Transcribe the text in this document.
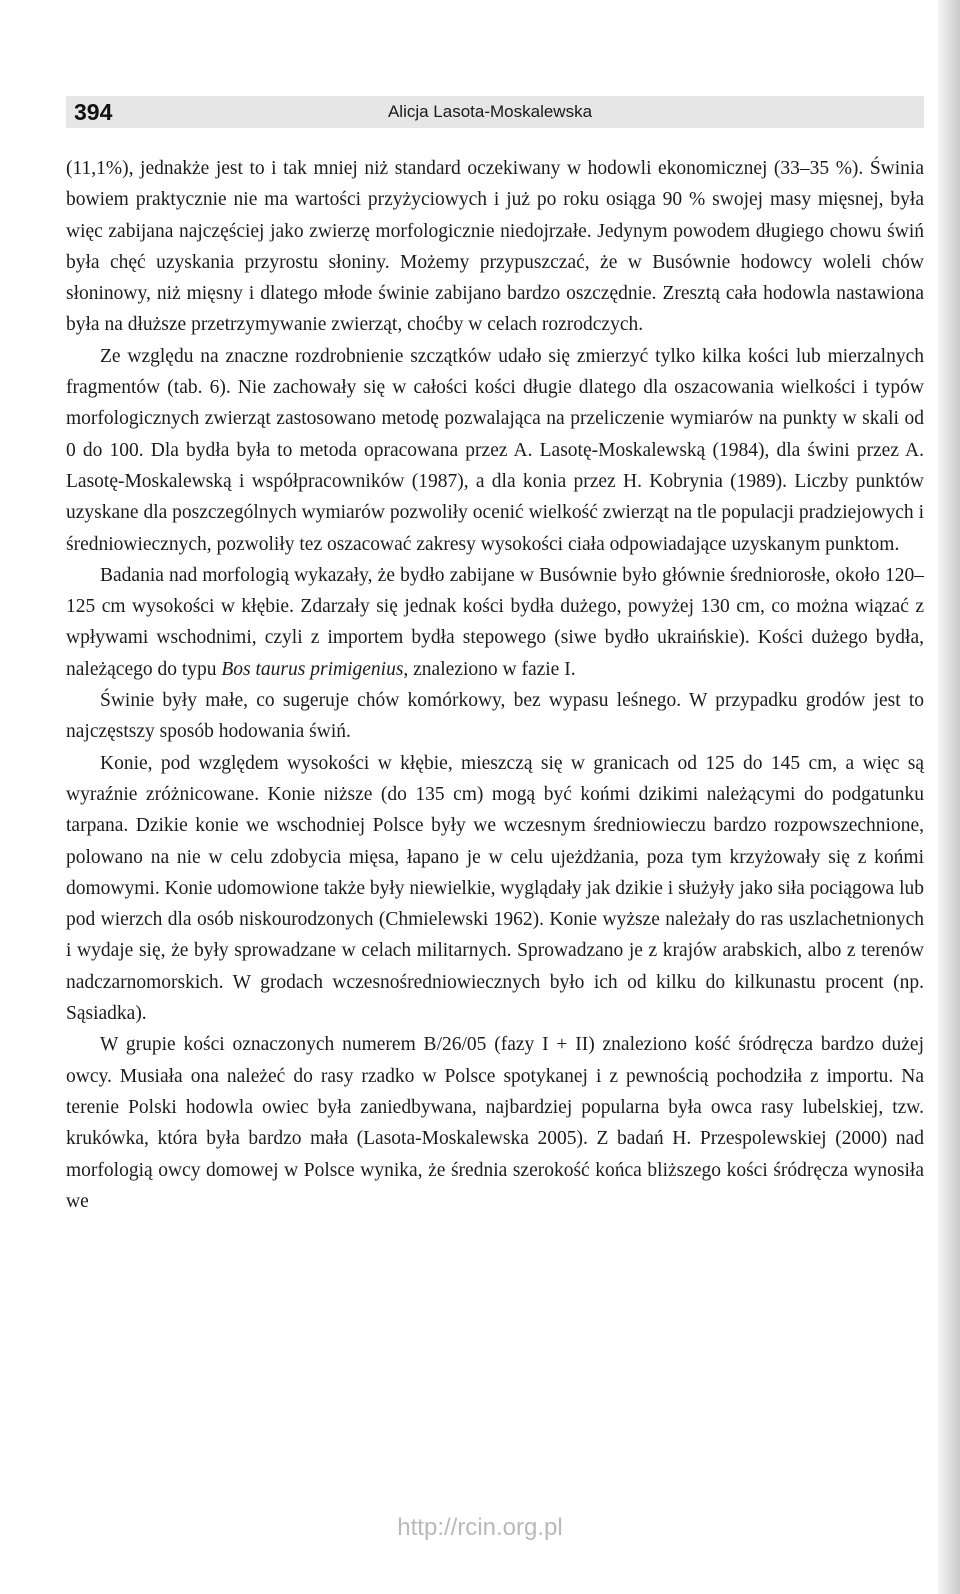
394	Alicja Lasota-Moskalewska

(11,1%), jednakże jest to i tak mniej niż standard oczekiwany w hodowli ekonomicznej (33–35 %). Świnia bowiem praktycznie nie ma wartości przyżyciowych i już po roku osiąga 90 % swojej masy mięsnej, była więc zabijana najczęściej jako zwierzę morfologicznie niedojrzałe. Jedynym powodem długiego chowu świń była chęć uzyskania przyrostu słoniny. Możemy przypuszczać, że w Busównie hodowcy woleli chów słoninowy, niż mięsny i dlatego młode świnie zabijano bardzo oszczędnie. Zresztą cała hodowla nastawiona była na dłuższe przetrzymywanie zwierząt, choćby w celach rozrodczych.

Ze względu na znaczne rozdrobnienie szczątków udało się zmierzyć tylko kilka kości lub mierzalnych fragmentów (tab. 6). Nie zachowały się w całości kości długie dlatego dla oszacowania wielkości i typów morfologicznych zwierząt zastosowano metodę pozwalająca na przeliczenie wymiarów na punkty w skali od 0 do 100. Dla bydła była to metoda opracowana przez A. Lasotę-Moskalewską (1984), dla świni przez A. Lasotę-Moskalewską i współpracowników (1987), a dla konia przez H. Kobrynia (1989). Liczby punktów uzyskane dla poszczególnych wymiarów pozwoliły ocenić wielkość zwierząt na tle populacji pradziejowych i średniowiecznych, pozwoliły tez oszacować zakresy wysokości ciała odpowiadające uzyskanym punktom.

Badania nad morfologią wykazały, że bydło zabijane w Busównie było głównie średniorosłe, około 120–125 cm wysokości w kłębie. Zdarzały się jednak kości bydła dużego, powyżej 130 cm, co można wiązać z wpływami wschodnimi, czyli z importem bydła stepowego (siwe bydło ukraińskie). Kości dużego bydła, należącego do typu Bos taurus primigenius, znaleziono w fazie I.

Świnie były małe, co sugeruje chów komórkowy, bez wypasu leśnego. W przypadku grodów jest to najczęstszy sposób hodowania świń.

Konie, pod względem wysokości w kłębie, mieszczą się w granicach od 125 do 145 cm, a więc są wyraźnie zróżnicowane. Konie niższe (do 135 cm) mogą być końmi dzikimi należącymi do podgatunku tarpana. Dzikie konie we wschodniej Polsce były we wczesnym średniowieczu bardzo rozpowszechnione, polowano na nie w celu zdobycia mięsa, łapano je w celu ujeżdżania, poza tym krzyżowały się z końmi domowymi. Konie udomowione także były niewielkie, wyglądały jak dzikie i służyły jako siła pociągowa lub pod wierzch dla osób niskourodzonych (Chmielewski 1962). Konie wyższe należały do ras uszlachetnionych i wydaje się, że były sprowadzane w celach militarnych. Sprowadzano je z krajów arabskich, albo z terenów nadczarnomorskich. W grodach wczesnośredniowiecznych było ich od kilku do kilkunastu procent (np. Sąsiadka).

W grupie kości oznaczonych numerem B/26/05 (fazy I + II) znaleziono kość śródręcza bardzo dużej owcy. Musiała ona należeć do rasy rzadko w Polsce spotykanej i z pewnością pochodziła z importu. Na terenie Polski hodowla owiec była zaniedbywana, najbardziej popularna była owca rasy lubelskiej, tzw. krukówka, która była bardzo mała (Lasota-Moskalewska 2005). Z badań H. Przespolewskiej (2000) nad morfologią owcy domowej w Polsce wynika, że średnia szerokość końca bliższego kości śródręcza wynosiła we

http://rcin.org.pl
